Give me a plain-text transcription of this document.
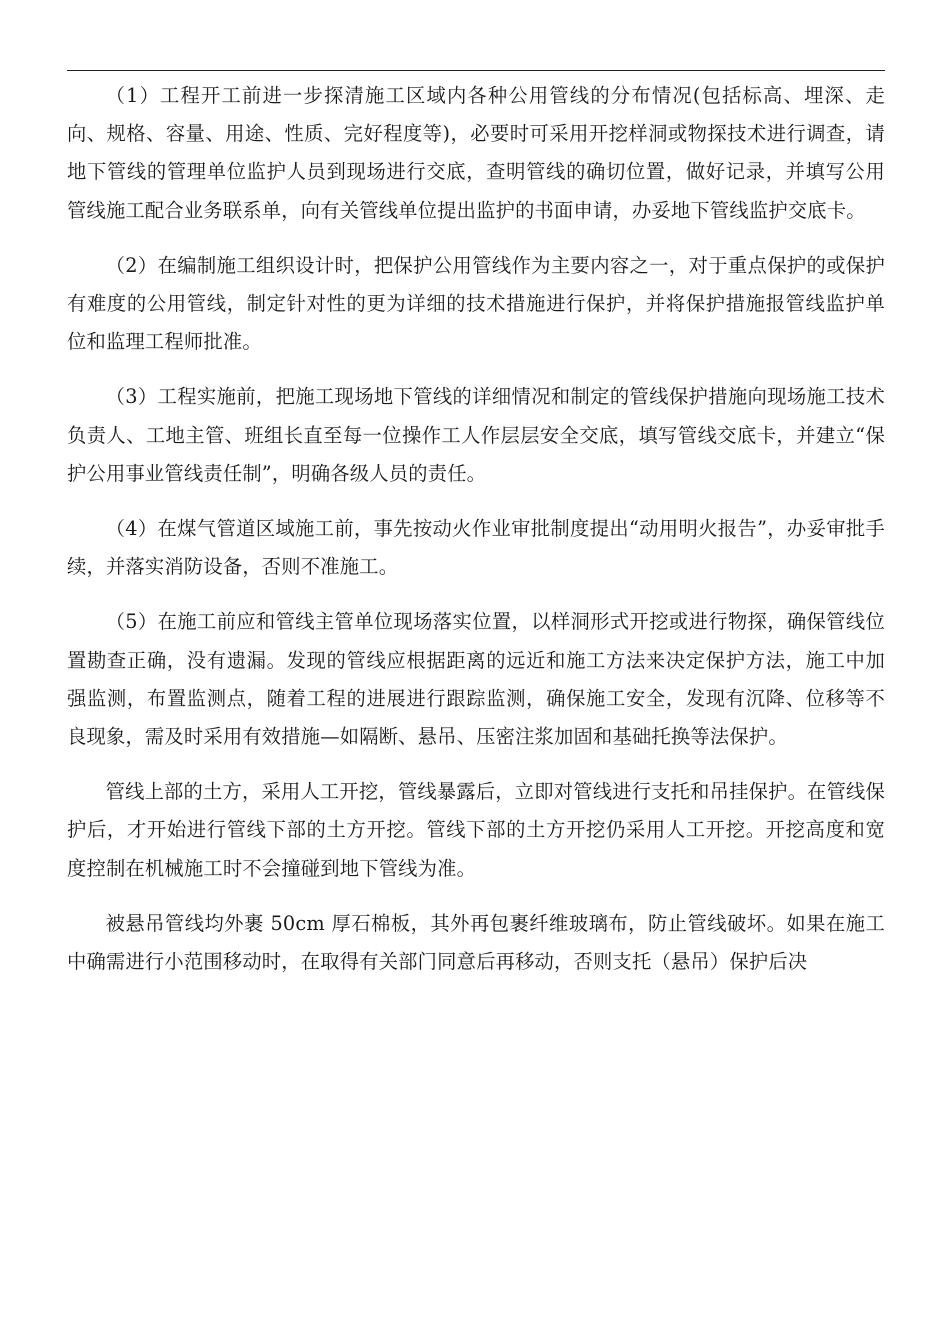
（1）工程开工前进一步探清施工区域内各种公用管线的分布情况(包括标高、埋深、走向、规格、容量、用途、性质、完好程度等)，必要时可采用开挖样洞或物探技术进行调查，请地下管线的管理单位监护人员到现场进行交底，查明管线的确切位置，做好记录，并填写公用管线施工配合业务联系单，向有关管线单位提出监护的书面申请，办妥地下管线监护交底卡。

（2）在编制施工组织设计时，把保护公用管线作为主要内容之一，对于重点保护的或保护有难度的公用管线，制定针对性的更为详细的技术措施进行保护，并将保护措施报管线监护单位和监理工程师批准。

（3）工程实施前，把施工现场地下管线的详细情况和制定的管线保护措施向现场施工技术负责人、工地主管、班组长直至每一位操作工人作层层安全交底，填写管线交底卡，并建立“保护公用事业管线责任制”，明确各级人员的责任。

（4）在煤气管道区域施工前，事先按动火作业审批制度提出“动用明火报告”，办妥审批手续，并落实消防设备，否则不准施工。

（5）在施工前应和管线主管单位现场落实位置，以样洞形式开挖或进行物探，确保管线位置勘查正确，没有遗漏。发现的管线应根据距离的远近和施工方法来决定保护方法，施工中加强监测，布置监测点，随着工程的进展进行跟踪监测，确保施工安全，发现有沉降、位移等不良现象，需及时采用有效措施—如隔断、悬吊、压密注浆加固和基础托换等法保护。

管线上部的土方，采用人工开挖，管线暴露后，立即对管线进行支托和吊挂保护。在管线保护后，才开始进行管线下部的土方开挖。管线下部的土方开挖仍采用人工开挖。开挖高度和宽度控制在机械施工时不会撞碰到地下管线为准。

被悬吊管线均外裹 50cm 厚石棉板，其外再包裹纤维玻璃布，防止管线破坏。如果在施工中确需进行小范围移动时，在取得有关部门同意后再移动，否则支托（悬吊）保护后决
